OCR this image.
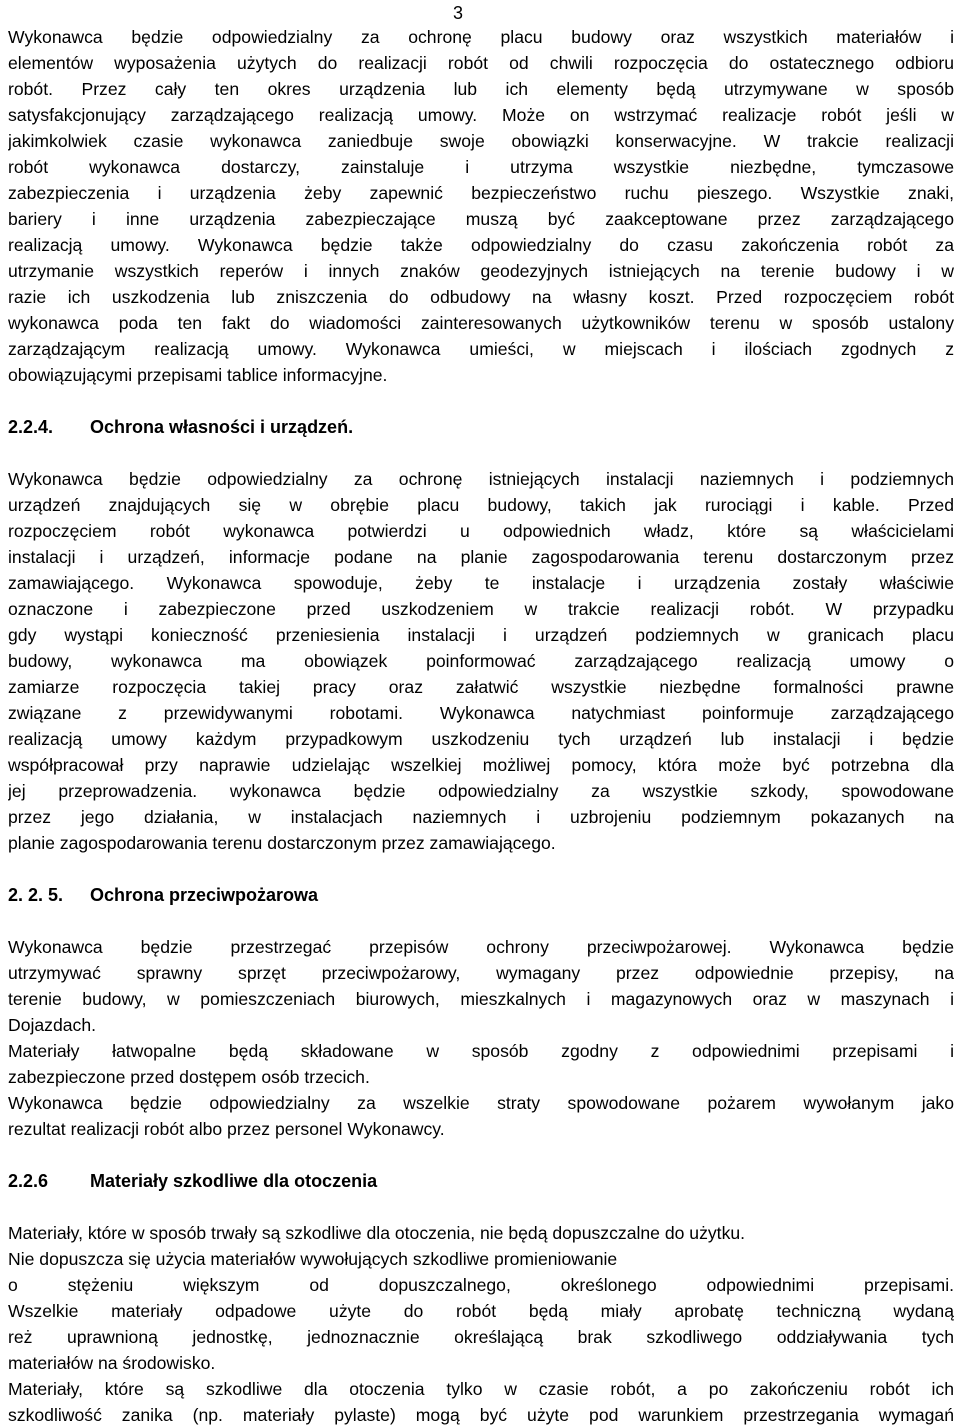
3
Wykonawca będzie odpowiedzialny za ochronę placu budowy oraz wszystkich materiałów i
elementów wyposażenia użytych do realizacji robót od chwili rozpoczęcia do ostatecznego odbioru
robót. Przez cały ten okres urządzenia lub ich elementy będą utrzymywane w sposób
satysfakcjonujący zarządzającego realizacją umowy. Może on wstrzymać realizacje robót jeśli w
jakimkolwiek czasie wykonawca zaniedbuje swoje obowiązki konserwacyjne. W trakcie realizacji
robót wykonawca dostarczy, zainstaluje i utrzyma wszystkie niezbędne, tymczasowe
zabezpieczenia i urządzenia żeby zapewnić bezpieczeństwo ruchu pieszego. Wszystkie znaki,
bariery i inne urządzenia zabezpieczające muszą być zaakceptowane przez zarządzającego
realizacją umowy. Wykonawca będzie także odpowiedzialny do czasu zakończenia robót za
utrzymanie wszystkich reperów i innych znaków geodezyjnych istniejących na terenie budowy i w
razie ich uszkodzenia lub zniszczenia do odbudowy na własny koszt. Przed rozpoczęciem robót
wykonawca poda ten fakt do wiadomości zainteresowanych użytkowników terenu w sposób ustalony
zarządzającym realizacją umowy. Wykonawca umieści, w miejscach i ilościach zgodnych z
obowiązującymi przepisami tablice informacyjne.
2.2.4. Ochrona własności i urządzeń.
Wykonawca będzie odpowiedzialny za ochronę istniejących instalacji naziemnych i podziemnych
urządzeń znajdujących się w obrębie placu budowy, takich jak rurociągi i kable. Przed
rozpoczęciem robót wykonawca potwierdzi u odpowiednich władz, które są właścicielami
instalacji i urządzeń, informacje podane na planie zagospodarowania terenu dostarczonym przez
zamawiającego. Wykonawca spowoduje, żeby te instalacje i urządzenia zostały właściwie
oznaczone i zabezpieczone przed uszkodzeniem w trakcie realizacji robót. W przypadku
gdy wystąpi konieczność przeniesienia instalacji i urządzeń podziemnych w granicach placu
budowy, wykonawca ma obowiązek poinformować zarządzającego realizacją umowy o
zamiarze rozpoczęcia takiej pracy oraz załatwić wszystkie niezbędne formalności prawne
związane z przewidywanymi robotami. Wykonawca natychmiast poinformuje zarządzającego
realizacją umowy każdym przypadkowym uszkodzeniu tych urządzeń lub instalacji i będzie
współpracował przy naprawie udzielając wszelkiej możliwej pomocy, która może być potrzebna dla
jej przeprowadzenia. wykonawca będzie odpowiedzialny za wszystkie szkody, spowodowane
przez jego działania, w instalacjach naziemnych i uzbrojeniu podziemnym pokazanych na
planie zagospodarowania terenu dostarczonym przez zamawiającego.
2. 2. 5. Ochrona przeciwpożarowa
Wykonawca będzie przestrzegać przepisów ochrony przeciwpożarowej. Wykonawca będzie
utrzymywać sprawny sprzęt przeciwpożarowy, wymagany przez odpowiednie przepisy, na
terenie budowy, w pomieszczeniach biurowych, mieszkalnych i magazynowych oraz w maszynach i
Dojazdach.
Materiały łatwopalne będą składowane w sposób zgodny z odpowiednimi przepisami i
zabezpieczone przed dostępem osób trzecich.
Wykonawca będzie odpowiedzialny za wszelkie straty spowodowane pożarem wywołanym jako
rezultat realizacji robót albo przez personel Wykonawcy.
2.2.6 Materiały szkodliwe dla otoczenia
Materiały, które w sposób trwały są szkodliwe dla otoczenia, nie będą dopuszczalne do użytku.
Nie dopuszcza się użycia materiałów wywołujących szkodliwe promieniowanie
o stężeniu większym od dopuszczalnego, określonego odpowiednimi przepisami.
Wszelkie materiały odpadowe użyte do robót będą miały aprobatę techniczną wydaną
reż uprawnioną jednostkę, jednoznacznie określającą brak szkodliwego oddziaływania tych
materiałów na środowisko.
Materiały, które są szkodliwe dla otoczenia tylko w czasie robót, a po zakończeniu robót ich
szkodliwość zanika (np. materiały pylaste) mogą być użyte pod warunkiem przestrzegania wymagań
